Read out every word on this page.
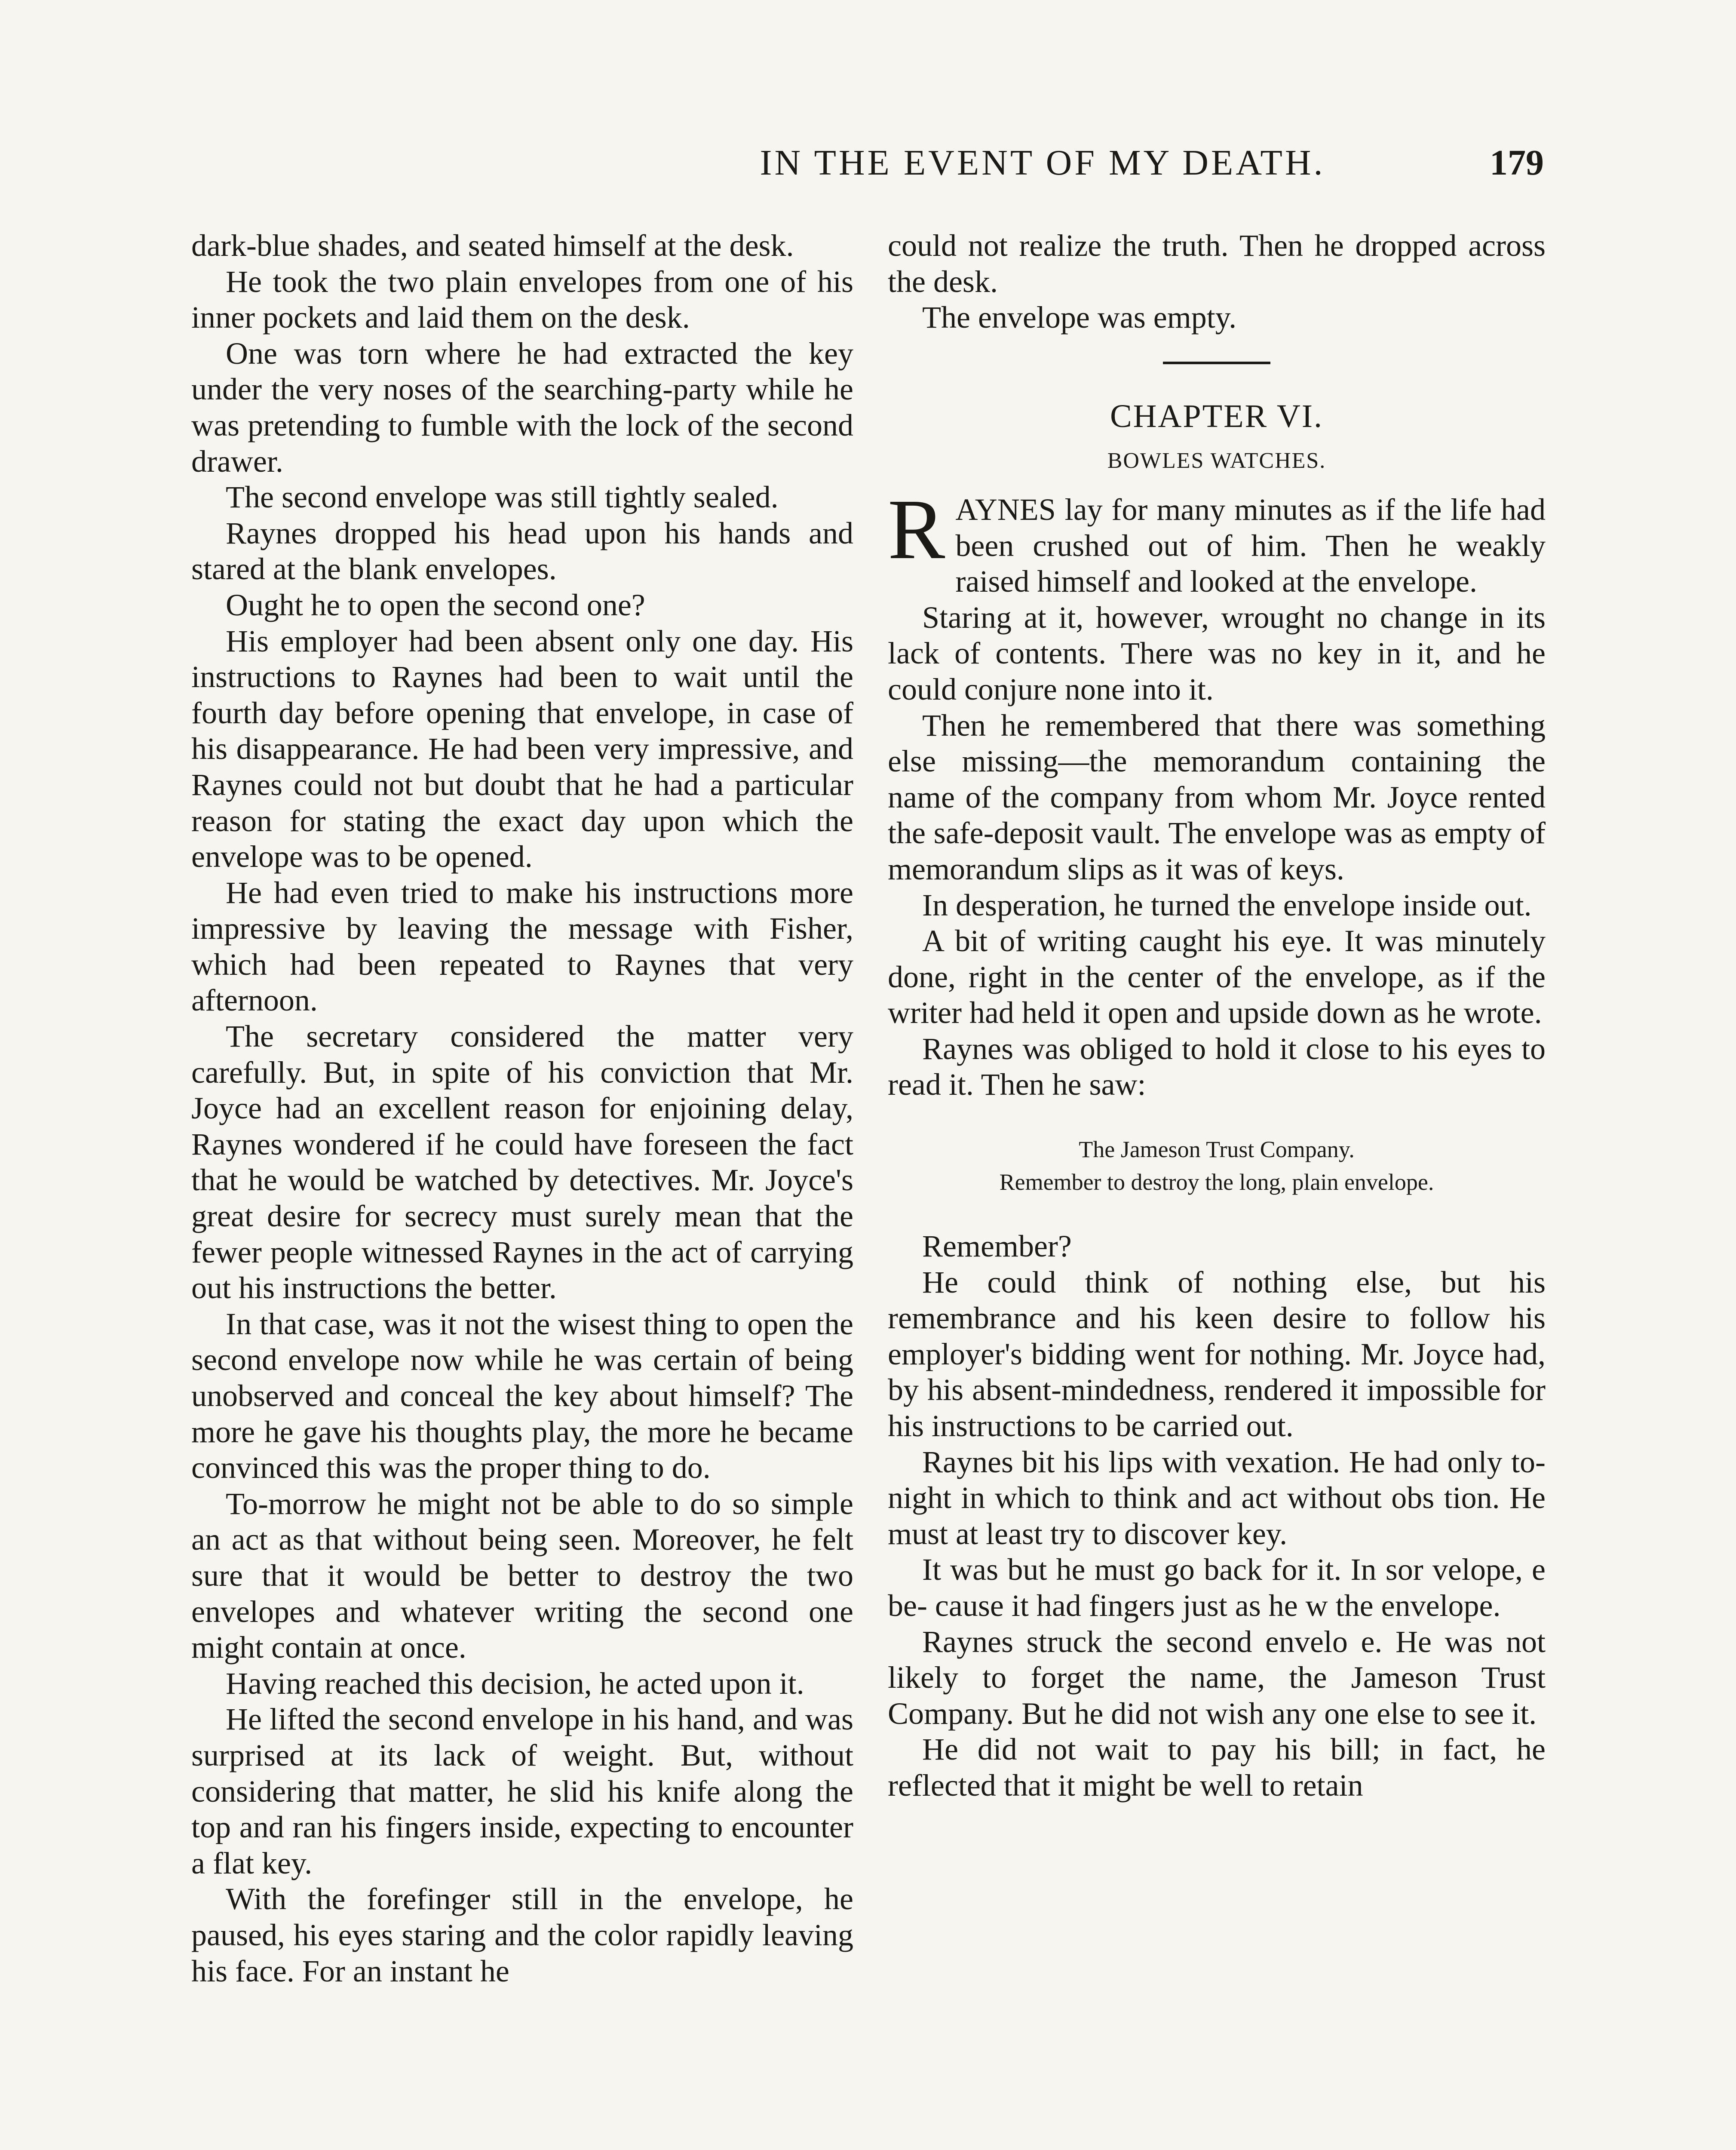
IN THE EVENT OF MY DEATH.	179

dark-blue shades, and seated himself at the desk.

He took the two plain envelopes from one of his inner pockets and laid them on the desk.

One was torn where he had extracted the key under the very noses of the searching-party while he was pretending to fumble with the lock of the second drawer.

The second envelope was still tightly sealed.

Raynes dropped his head upon his hands and stared at the blank envelopes.

Ought he to open the second one?

His employer had been absent only one day. His instructions to Raynes had been to wait until the fourth day before opening that envelope, in case of his disappearance. He had been very impressive, and Raynes could not but doubt that he had a particular reason for stating the exact day upon which the envelope was to be opened.

He had even tried to make his instructions more impressive by leaving the message with Fisher, which had been repeated to Raynes that very afternoon.

The secretary considered the matter very carefully. But, in spite of his conviction that Mr. Joyce had an excellent reason for enjoining delay, Raynes wondered if he could have foreseen the fact that he would be watched by detectives. Mr. Joyce's great desire for secrecy must surely mean that the fewer people witnessed Raynes in the act of carrying out his instructions the better.

In that case, was it not the wisest thing to open the second envelope now while he was certain of being unobserved and conceal the key about himself? The more he gave his thoughts play, the more he became convinced this was the proper thing to do.

To-morrow he might not be able to do so simple an act as that without being seen. Moreover, he felt sure that it would be better to destroy the two envelopes and whatever writing the second one might contain at once.

Having reached this decision, he acted upon it.

He lifted the second envelope in his hand, and was surprised at its lack of weight. But, without considering that matter, he slid his knife along the top and ran his fingers inside, expecting to encounter a flat key.

With the forefinger still in the envelope, he paused, his eyes staring and the color rapidly leaving his face. For an instant he

could not realize the truth. Then he dropped across the desk.

The envelope was empty.

CHAPTER VI.
BOWLES WATCHES.

R AYNES lay for many minutes as if the life had been crushed out of him. Then he weakly raised himself and looked at the envelope.

Staring at it, however, wrought no change in its lack of contents. There was no key in it, and he could conjure none into it.

Then he remembered that there was something else missing—the memorandum containing the name of the company from whom Mr. Joyce rented the safe-deposit vault. The envelope was as empty of memorandum slips as it was of keys.

In desperation, he turned the envelope inside out.

A bit of writing caught his eye. It was minutely done, right in the center of the envelope, as if the writer had held it open and upside down as he wrote.

Raynes was obliged to hold it close to his eyes to read it. Then he saw:

The Jameson Trust Company.
Remember to destroy the long, plain envelope.

Remember?

He could think of nothing else, but his remembrance and his keen desire to follow his employer's bidding went for nothing. Mr. Joyce had, by his absent-mindedness, rendered it impossible for his instructions to be carried out.

Raynes bit his lips with vexation. He had only to-night in which to think and act without obs tion. He must at least try to discover key.

It was but he must go back for it. In sor velope, e be- cause it had fingers just as he w the envelope.

Raynes struck the second envelo e. He was not likely to forget the name, the Jameson Trust Company. But he did not wish any one else to see it.

He did not wait to pay his bill; in fact, he reflected that it might be well to retain
